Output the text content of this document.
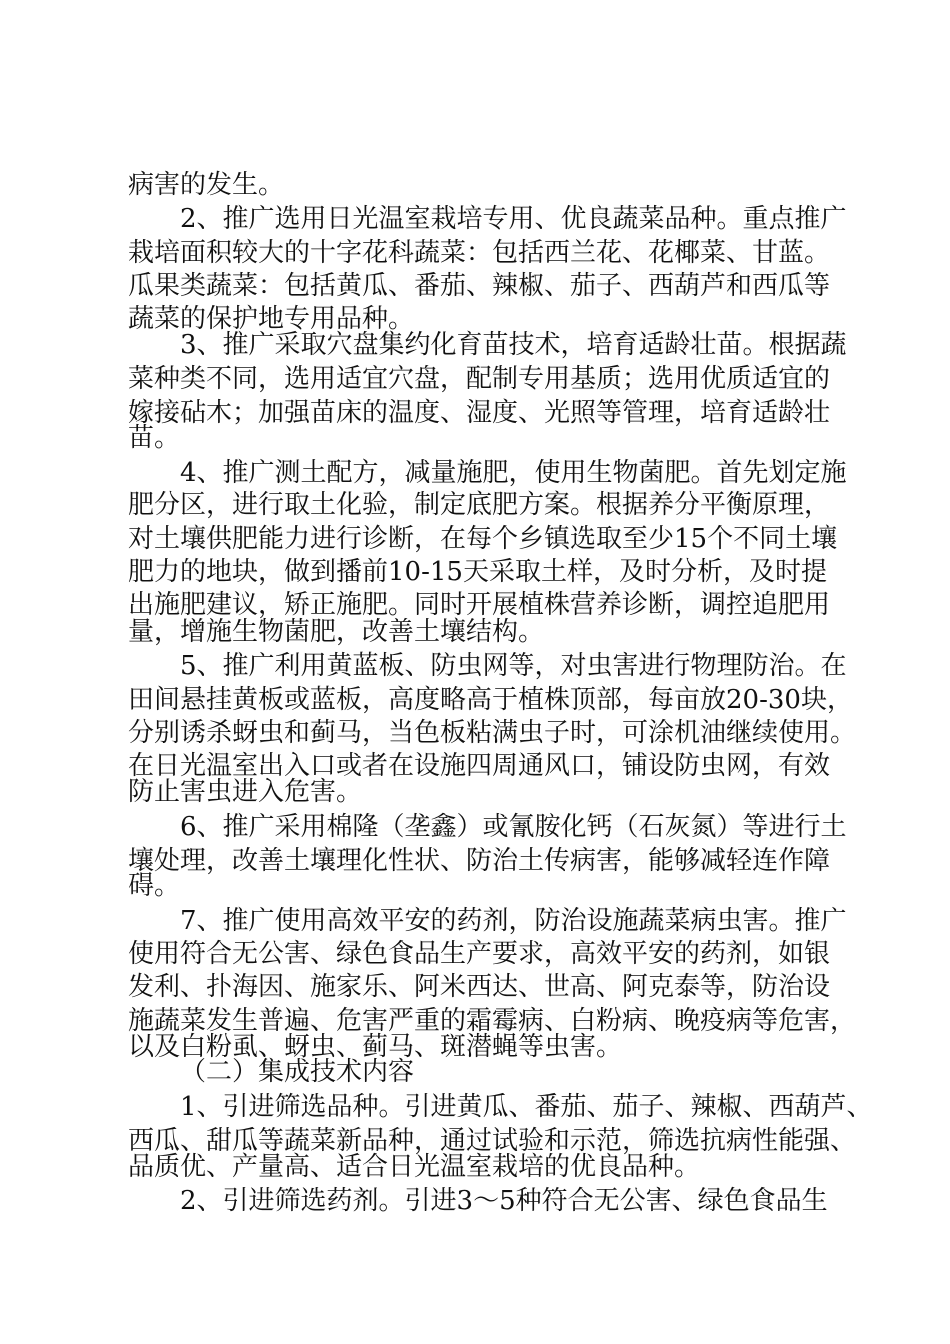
病害的发生。
2、推广选用日光温室栽培专用、优良蔬菜品种。重点推广
栽培面积较大的十字花科蔬菜：包括西兰花、花椰菜、甘蓝。
瓜果类蔬菜：包括黄瓜、番茄、辣椒、茄子、西葫芦和西瓜等
蔬菜的保护地专用品种。
3、推广采取穴盘集约化育苗技术，培育适龄壮苗。根据蔬
菜种类不同，选用适宜穴盘，配制专用基质；选用优质适宜的
嫁接砧木；加强苗床的温度、湿度、光照等管理，培育适龄壮
苗。
4、推广测土配方，减量施肥，使用生物菌肥。首先划定施
肥分区，进行取土化验，制定底肥方案。根据养分平衡原理，
对土壤供肥能力进行诊断，在每个乡镇选取至少15个不同土壤
肥力的地块，做到播前10-15天采取土样，及时分析，及时提
出施肥建议，矫正施肥。同时开展植株营养诊断，调控追肥用
量，增施生物菌肥，改善土壤结构。
5、推广利用黄蓝板、防虫网等，对虫害进行物理防治。在
田间悬挂黄板或蓝板，高度略高于植株顶部，每亩放20-30块，
分别诱杀蚜虫和蓟马，当色板粘满虫子时，可涂机油继续使用。
在日光温室出入口或者在设施四周通风口，铺设防虫网，有效
防止害虫进入危害。
6、推广采用棉隆（垄鑫）或氰胺化钙（石灰氮）等进行土
壤处理，改善土壤理化性状、防治土传病害，能够减轻连作障
碍。
7、推广使用高效平安的药剂，防治设施蔬菜病虫害。推广
使用符合无公害、绿色食品生产要求，高效平安的药剂，如银
发利、扑海因、施家乐、阿米西达、世高、阿克泰等，防治设
施蔬菜发生普遍、危害严重的霜霉病、白粉病、晚疫病等危害，
以及白粉虱、蚜虫、蓟马、斑潜蝇等虫害。
（二）集成技术内容
1、引进筛选品种。引进黄瓜、番茄、茄子、辣椒、西葫芦、
西瓜、甜瓜等蔬菜新品种，通过试验和示范，筛选抗病性能强、
品质优、产量高、适合日光温室栽培的优良品种。
2、引进筛选药剂。引进3～5种符合无公害、绿色食品生
